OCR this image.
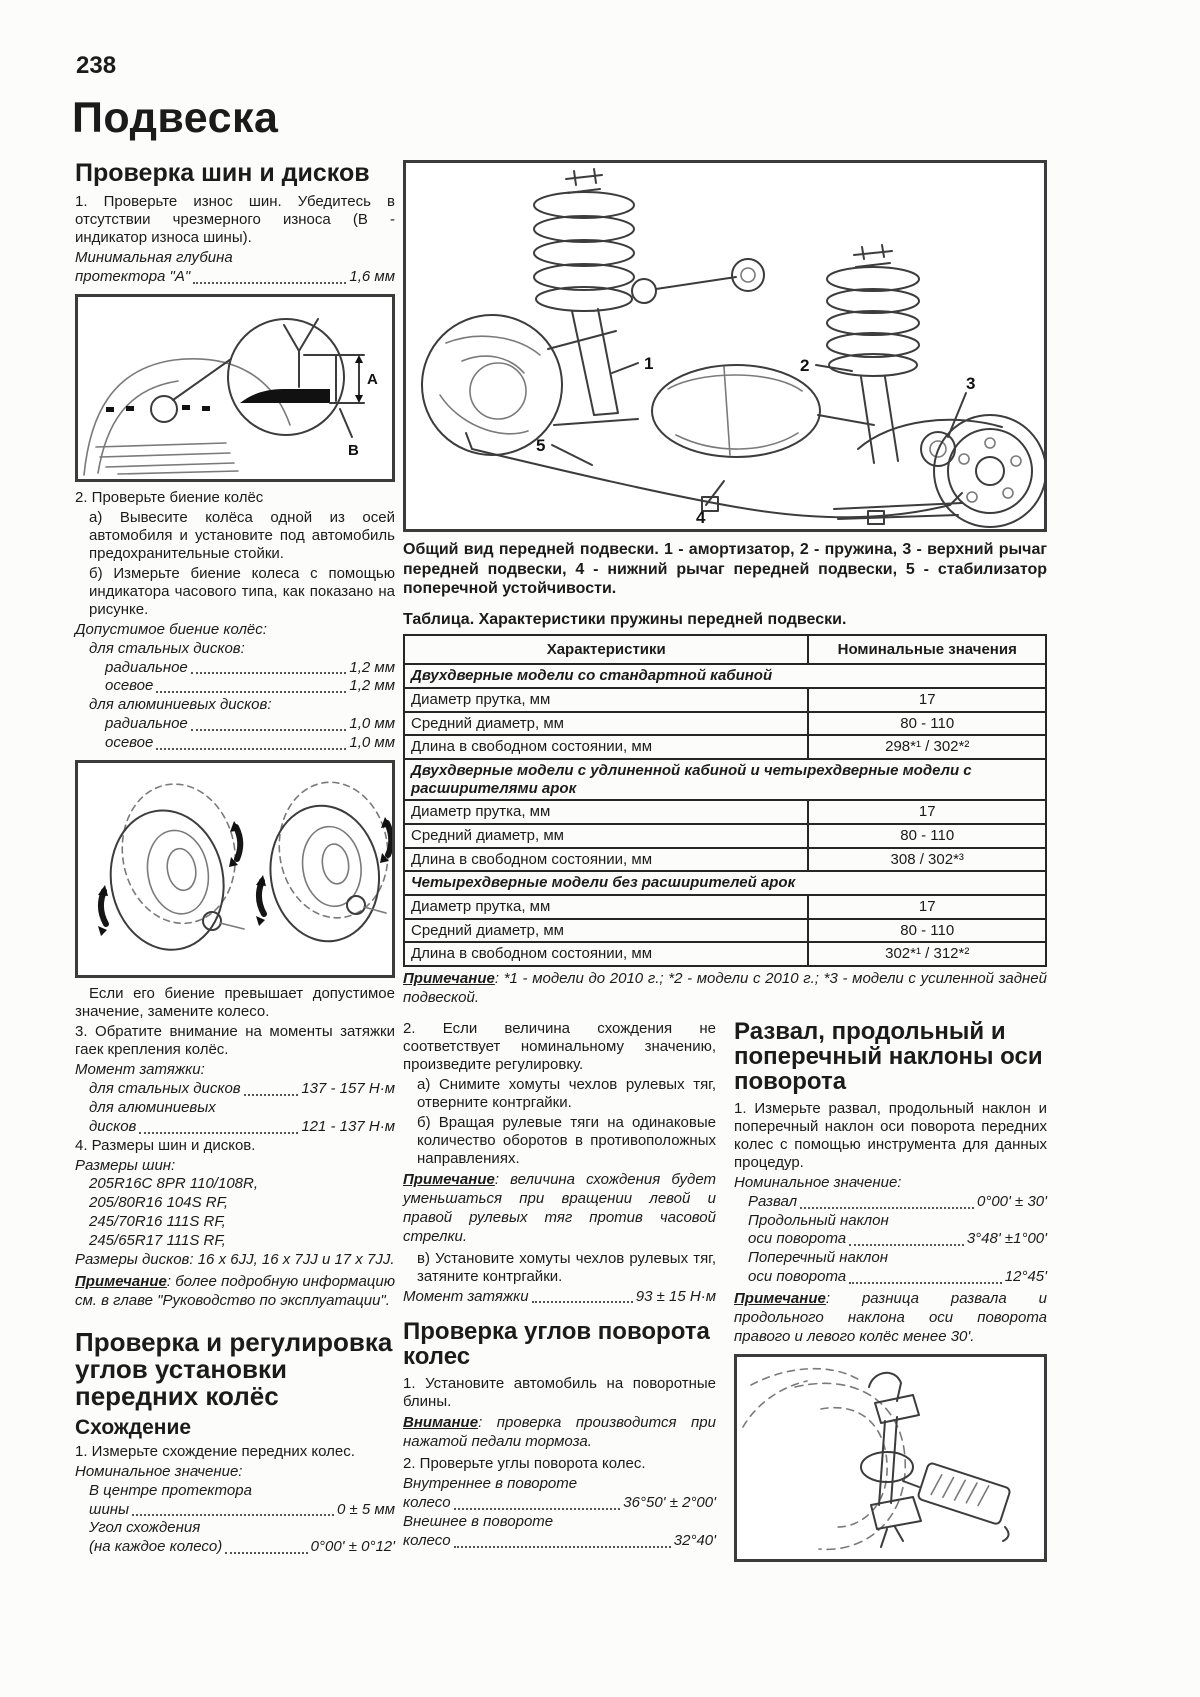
238
Подвеска
Проверка шин и дисков

1. Проверьте износ шин. Убедитесь в отсутствии чрезмерного износа (В - индикатор износа шины).

Минимальная глубина
протектора "А"	1,6 мм
A
B

2. Проверьте биение колёс

а) Вывесите колёса одной из осей автомобиля и установите под автомобиль предохранительные стойки.

б) Измерьте биение колеса с помощью индикатора часового типа, как показано на рисунке.

Допустимое биение колёс:
для стальных дисков:
радиальное	1,2 мм
осевое	1,2 мм
для алюминиевых дисков:
радиальное	1,0 мм
осевое	1,0 мм

Если его биение превышает допустимое значение, замените колесо.

3. Обратите внимание на моменты затяжки гаек крепления колёс.

Момент затяжки:
для стальных дисков	137 - 157 Н·м
для алюминиевых
дисков	121 - 137 Н·м

4. Размеры шин и дисков.

Размеры шин:
205R16C 8PR 110/108R,
205/80R16 104S RF,
245/70R16 111S RF,
245/65R17 111S RF,
Размеры дисков: 16 x 6JJ, 16 x 7JJ и 17 x 7JJ.

Примечание: более подробную информацию см. в главе "Руководство по эксплуатации".

Проверка и регулировка углов установки передних колёс
Схождение

1. Измерьте схождение передних колес.

Номинальное значение:
В центре протектора
шины	0 ± 5 мм
Угол схождения
(на каждое колесо)	0°00' ± 0°12'
1	2
3
4
5
Общий вид передней подвески. 1 - амортизатор, 2 - пружина, 3 - верхний рычаг передней подвески, 4 - нижний рычаг передней подвески, 5 - стабилизатор поперечной устойчивости.
Таблица. Характеристики пружины передней подвески.
Характеристики	Номинальные значения
Двухдверные модели со стандартной кабиной	
Диаметр прутка, мм	17
Средний диаметр, мм	80 - 110
Длина в свободном состоянии, мм	298*¹ / 302*²
Двухдверные модели с удлиненной кабиной и четырехдверные модели с расширителями арок	
Диаметр прутка, мм	17
Средний диаметр, мм	80 - 110
Длина в свободном состоянии, мм	308 / 302*³
Четырехдверные модели без расширителей арок	
Диаметр прутка, мм	17
Средний диаметр, мм	80 - 110
Длина в свободном состоянии, мм	302*¹ / 312*²

Примечание: *1 - модели до 2010 г.; *2 - модели с 2010 г.; *3 - модели с усиленной задней подвеской.

2. Если величина схождения не соответствует номинальному значению, произведите регулировку.

а) Снимите хомуты чехлов рулевых тяг, отверните контргайки.

б) Вращая рулевые тяги на одинаковые количество оборотов в противоположных направлениях.

Примечание: величина схождения будет уменьшаться при вращении левой и правой рулевых тяг против часовой стрелки.

в) Установите хомуты чехлов рулевых тяг, затяните контргайки.

Момент затяжки	93 ± 15 Н·м
Проверка углов поворота колес

1. Установите автомобиль на поворотные блины.

Внимание: проверка производится при нажатой педали тормоза.

2. Проверьте углы поворота колес.

Внутреннее в повороте
колесо	36°50' ± 2°00'
Внешнее в повороте
колесо	32°40'
Развал, продольный и поперечный наклоны оси поворота

1. Измерьте развал, продольный наклон и поперечный наклон оси поворота передних колес с помощью инструмента для данных процедур.

Номинальное значение:
Развал	0°00' ± 30'
Продольный наклон
оси поворота	3°48' ±1°00'
Поперечный наклон
оси поворота	12°45'

Примечание: разница развала и продольного наклона оси поворота правого и левого колёс менее 30'.
